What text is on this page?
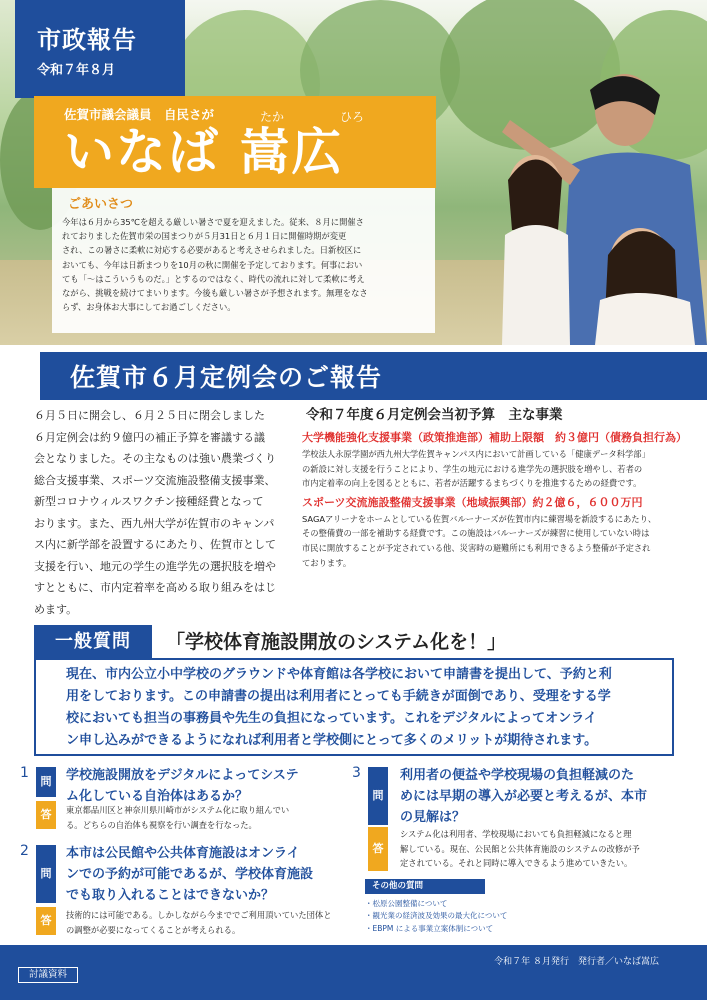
市政報告
令和７年８月
佐賀市議会議員　自民さが	たか	ひろ
いなば 嵩広
ごあいさつ
今年は６月から35℃を超える厳しい暑さで夏を迎えました。従来、８月に開催さ
れておりました佐賀市栄の国まつりが５月31日と６月１日に開催時期が変更
され、この暑さに柔軟に対応する必要があると考えさせられました。日新校区に
おいても、今年は日新まつりを10月の秋に開催を予定しております。何事におい
ても「～はこういうものだ。」とするのではなく、時代の流れに対して柔軟に考え
ながら、挑戦を続けてまいります。今後も厳しい暑さが予想されます。無理をなさ
らず、お身体お大事にしてお過ごしください。
佐賀市６月定例会のご報告
６月５日に開会し、６月２５日に閉会しました
６月定例会は約９億円の補正予算を審議する議
会となりました。その主なものは強い農業づくり
総合支援事業、スポーツ交流施設整備支援事業、
新型コロナウィルスワクチン接種経費となって
おります。また、西九州大学が佐賀市のキャンパ
ス内に新学部を設置するにあたり、佐賀市として
支援を行い、地元の学生の進学先の選択肢を増や
すとともに、市内定着率を高める取り組みをはじ
めます。
令和７年度６月定例会当初予算　主な事業
大学機能強化支援事業（政策推進部）補助上限額　約３億円（債務負担行為）
学校法人永原学園が西九州大学佐賀キャンパス内において計画している「健康データ科学部」
の新設に対し支援を行うことにより、学生の地元における進学先の選択肢を増やし、若者の
市内定着率の向上を図るとともに、若者が活躍するまちづくりを推進するための経費です。
スポーツ交流施設整備支援事業（地域振興部）約２億６，６００万円
SAGAアリーナをホームとしている佐賀バルーナーズが佐賀市内に練習場を新設するにあたり、
その整備費の一部を補助する経費です。この施設はバルーナーズが練習に使用していない時は
市民に開放することが予定されている他、災害時の避難所にも利用できるよう整備が予定され
ております。
一般質問	「学校体育施設開放のシステム化を！」
現在、市内公立小中学校のグラウンドや体育館は各学校において申請書を提出して、予約と利
用をしております。この申請書の提出は利用者にとっても手続きが面倒であり、受理をする学
校においても担当の事務員や先生の負担になっています。これをデジタルによってオンライ
ン申し込みができるようになれば利用者と学校側にとって多くのメリットが期待されます。
1
問
答
学校施設開放をデジタルによってシステ
ム化している自治体はあるか？
東京都品川区と神奈川県川崎市がシステム化に取り組んでい
る。どちらの自治体も視察を行い調査を行なった。
2
問
答
本市は公民館や公共体育施設はオンライ
ンでの予約が可能であるが、学校体育施設
でも取り入れることはできないか？
技術的には可能である。しかしながら今まででご利用頂いていた団体と
の調整が必要になってくることが考えられる。
3
問
答
利用者の便益や学校現場の負担軽減のた
めには早期の導入が必要と考えるが、本市
の見解は？
システム化は利用者、学校現場においても負担軽減になると理
解している。現在、公民館と公共体育施設のシステムの改修が予
定されている。それと同時に導入できるよう進めていきたい。
その他の質問
・松原公園整備について
・観光業の経済波及効果の最大化について
・EBPM による事業立案体制について
令和７年 ８月発行　発行者／いなば嵩広
討議資料
